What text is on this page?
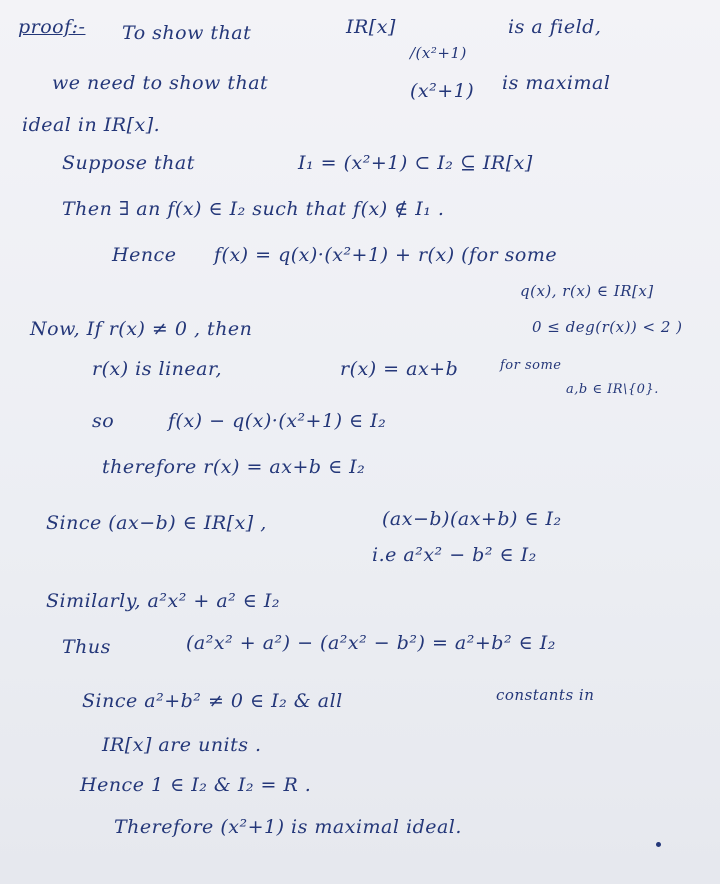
proof:- To show that	IR[x]
/(x²+1)
is a field,
we need to show that	(x²+1) is maximal
ideal in IR[x].
Suppose that	I₁ = (x²+1) ⊂ I₂ ⊆ IR[x]
Then ∃ an f(x) ∈ I₂ such that f(x) ∉ I₁ .
Hence f(x) = q(x)·(x²+1) + r(x) (for some
q(x), r(x) ∈ IR[x]
Now, If r(x) ≠ 0 , then	0 ≤ deg(r(x)) < 2 )
r(x) is linear,	r(x) = ax+b	for some
a,b ∈ IR\{0}.
so	f(x) − q(x)·(x²+1) ∈ I₂
therefore r(x) = ax+b ∈ I₂
Since (ax−b) ∈ IR[x] ,	(ax−b)(ax+b) ∈ I₂
i.e a²x² − b² ∈ I₂
Similarly, a²x² + a² ∈ I₂
Thus	(a²x² + a²) − (a²x² − b²) = a²+b² ∈ I₂
Since a²+b² ≠ 0 ∈ I₂ & all	constants in
IR[x] are units .
Hence 1 ∈ I₂ & I₂ = R .
Therefore (x²+1) is maximal ideal.
